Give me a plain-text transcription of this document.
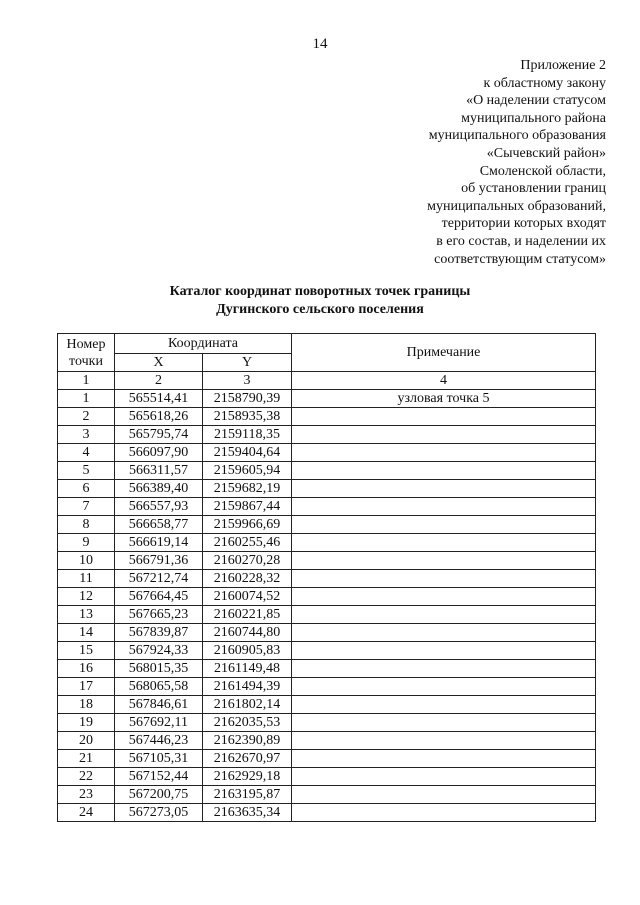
14
Приложение 2
к областному закону
«О наделении статусом
муниципального района
муниципального образования
«Сычевский район»
Смоленской области,
об установлении границ
муниципальных образований,
территории которых входят
в его состав, и наделении их
соответствующим статусом»
Каталог координат поворотных точек границы
Дугинского сельского поселения
Номер точки	Координата		Примечание
	X	Y	
1	2	3	4
1	565514,41	2158790,39	узловая точка 5
2	565618,26	2158935,38	
3	565795,74	2159118,35	
4	566097,90	2159404,64	
5	566311,57	2159605,94	
6	566389,40	2159682,19	
7	566557,93	2159867,44	
8	566658,77	2159966,69	
9	566619,14	2160255,46	
10	566791,36	2160270,28	
11	567212,74	2160228,32	
12	567664,45	2160074,52	
13	567665,23	2160221,85	
14	567839,87	2160744,80	
15	567924,33	2160905,83	
16	568015,35	2161149,48	
17	568065,58	2161494,39	
18	567846,61	2161802,14	
19	567692,11	2162035,53	
20	567446,23	2162390,89	
21	567105,31	2162670,97	
22	567152,44	2162929,18	
23	567200,75	2163195,87	
24	567273,05	2163635,34	
